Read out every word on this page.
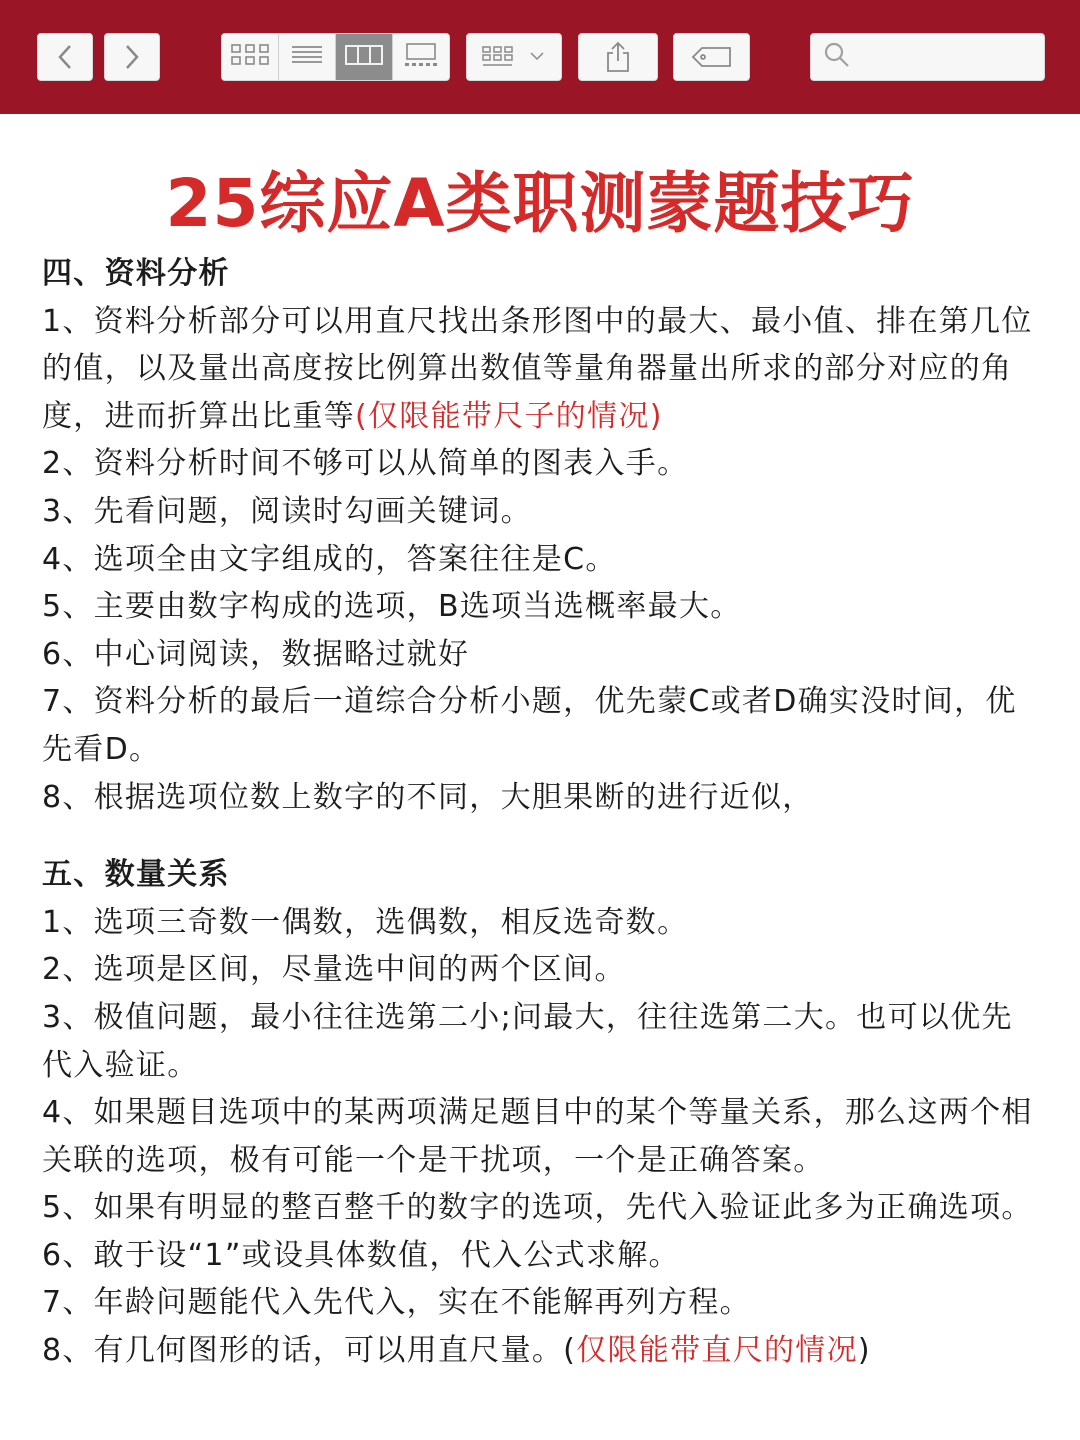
25综应A类职测蒙题技巧
四、资料分析

1、资料分析部分可以用直尺找出条形图中的最大、最小值、排在第几位的值，以及量出高度按比例算出数值等量角器量出所求的部分对应的角度，进而折算出比重等(仅限能带尺子的情况)

2、资料分析时间不够可以从简单的图表入手。

3、先看问题，阅读时勾画关键词。

4、选项全由文字组成的，答案往往是C。

5、主要由数字构成的选项，B选项当选概率最大。

6、中心词阅读，数据略过就好

7、资料分析的最后一道综合分析小题，优先蒙C或者D确实没时间，优先看D。

8、根据选项位数上数字的不同，大胆果断的进行近似，

五、数量关系

1、选项三奇数一偶数，选偶数，相反选奇数。

2、选项是区间，尽量选中间的两个区间。

3、极值问题，最小往往选第二小;问最大，往往选第二大。也可以优先代入验证。

4、如果题目选项中的某两项满足题目中的某个等量关系，那么这两个相关联的选项，极有可能一个是干扰项，一个是正确答案。

5、如果有明显的整百整千的数字的选项，先代入验证此多为正确选项。

6、敢于设“1”或设具体数值，代入公式求解。

7、年龄问题能代入先代入，实在不能解再列方程。

8、有几何图形的话，可以用直尺量。(仅限能带直尺的情况)
